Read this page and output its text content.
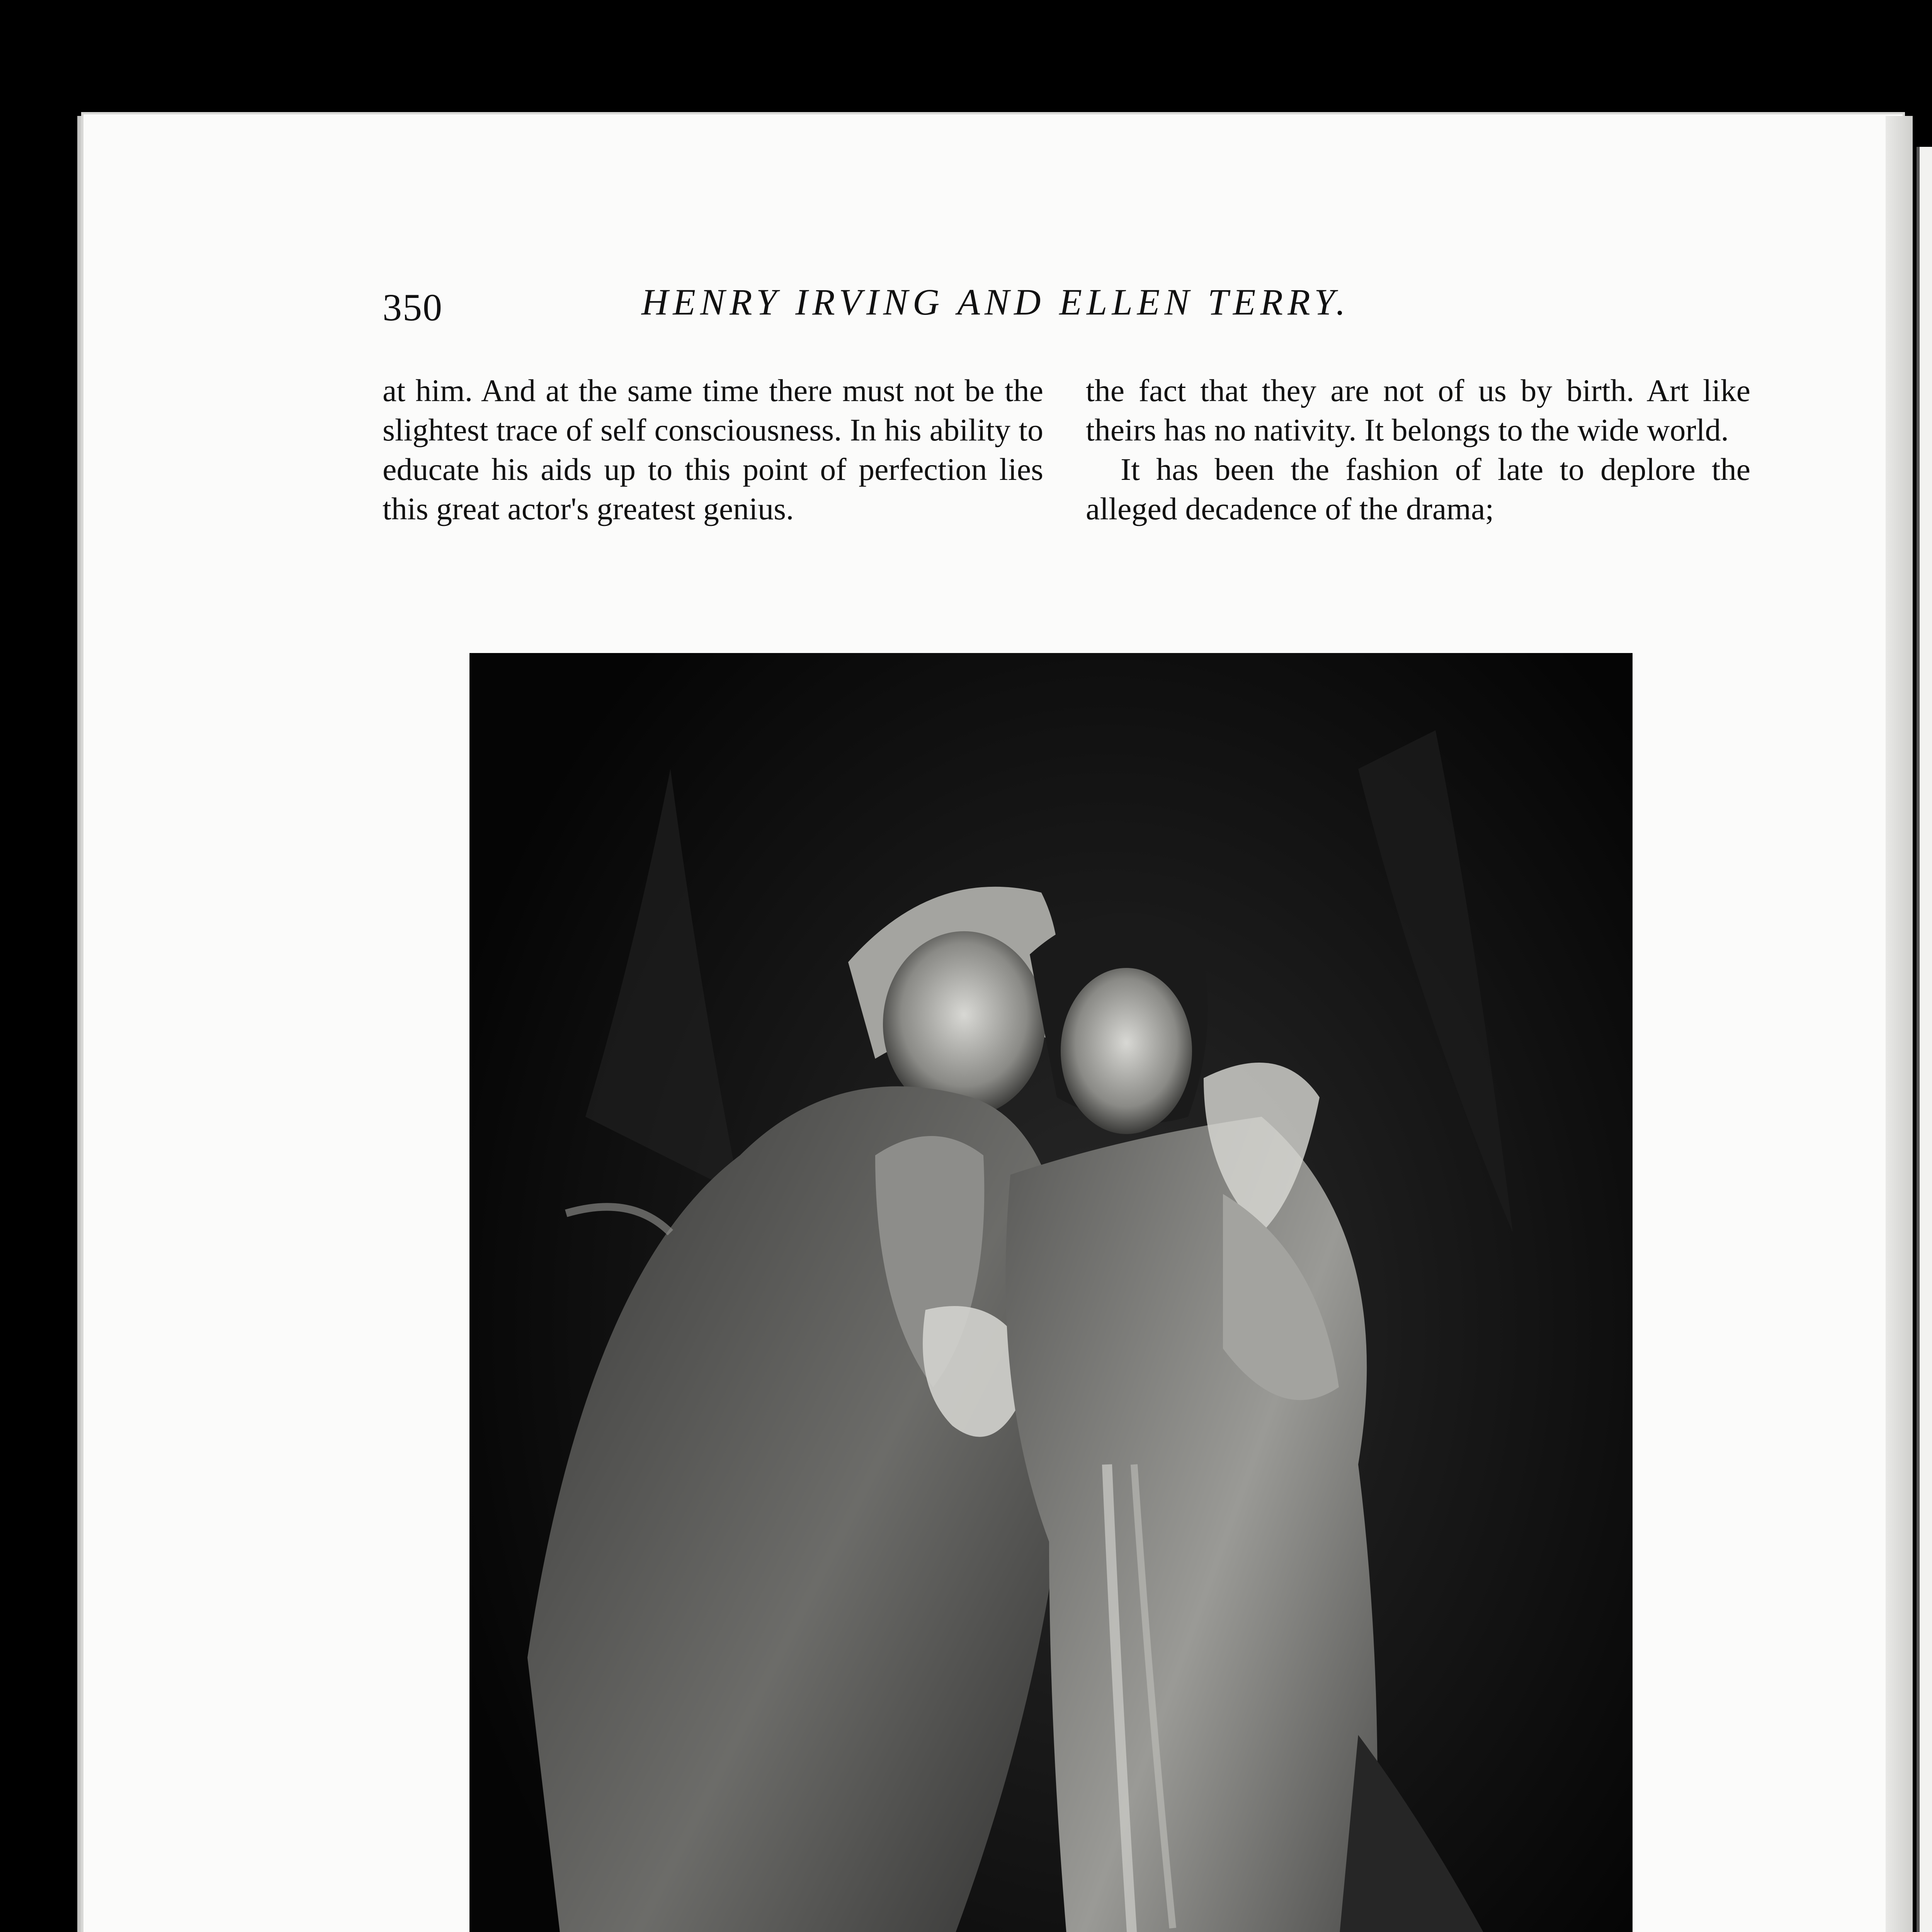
350	HENRY IRVING AND ELLEN TERRY.

at him. And at the same time there must not be the slightest trace of self consciousness. In his ability to educate his aids up to this point of perfection lies this great actor's greatest genius.

the fact that they are not of us by birth. Art like theirs has no nativity. It belongs to the wide world.

It has been the fashion of late to deplore the alleged decadence of the drama;
